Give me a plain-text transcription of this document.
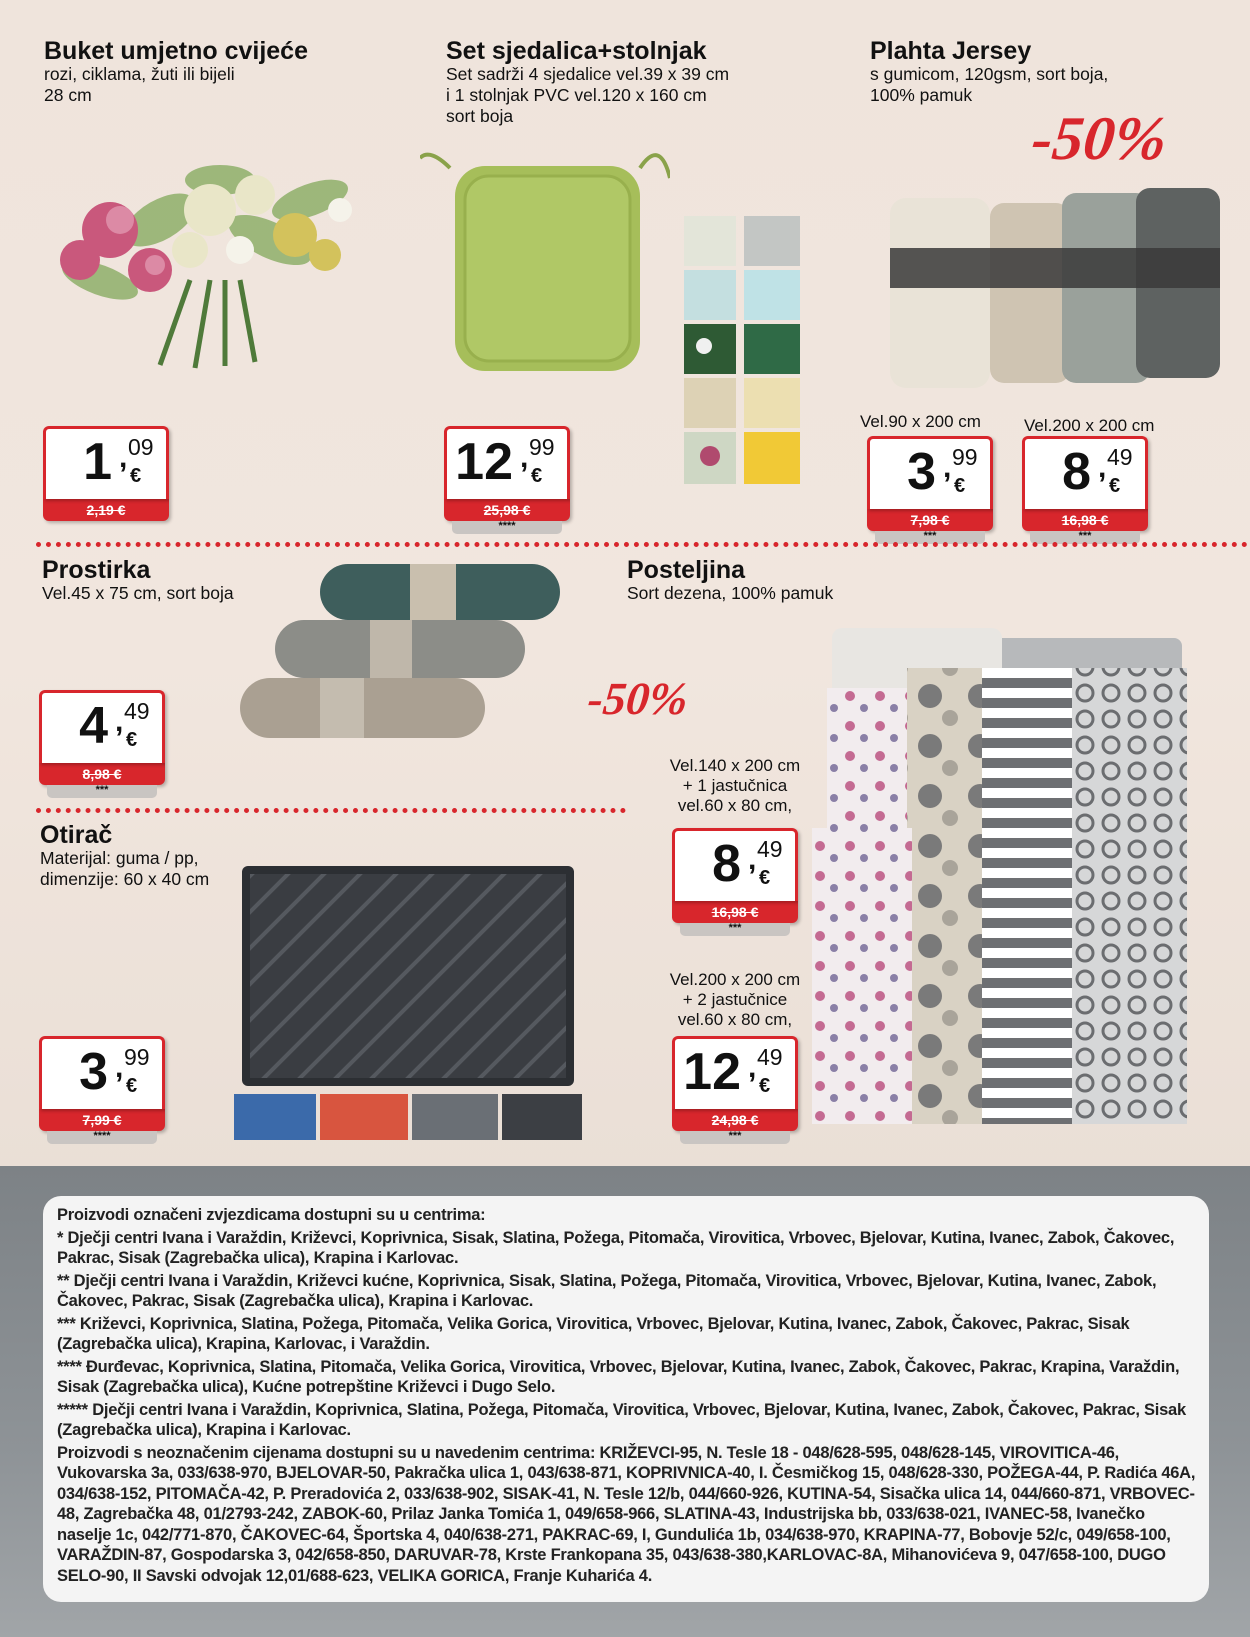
Buket umjetno cvijeće
rozi, ciklama, žuti ili bijeli
28 cm
Set sjedalica+stolnjak
Set sadrži 4 sjedalice vel.39 x 39 cm
i 1 stolnjak PVC vel.120 x 160 cm
sort boja
Plahta Jersey
s gumicom, 120gsm, sort boja,
100% pamuk
-50%
1 , 09
€
2,19 €
12 , 99
€
25,98 €
****
Vel.90 x 200 cm
3 , 99
€
7,98 €
***
Vel.200 x 200 cm
8 , 49
€
16,98 €
***
Prostirka
Vel.45 x 75 cm, sort boja
-50%
4 , 49
€
8,98 €
***
Posteljina
Sort dezena, 100% pamuk
Vel.140 x 200 cm
+ 1 jastučnica
vel.60 x 80 cm,
8 , 49
€
16,98 €
***
Vel.200 x 200 cm
+ 2 jastučnice
vel.60 x 80 cm,
12 , 49
€
24,98 €
***
Otirač
Materijal: guma / pp,
dimenzije: 60 x 40 cm
3 , 99
€
7,99 €
****

Proizvodi označeni zvjezdicama dostupni su u centrima:

* Dječji centri Ivana i Varaždin, Križevci, Koprivnica, Sisak, Slatina, Požega, Pitomača, Virovitica, Vrbovec, Bjelovar, Kutina, Ivanec, Zabok, Čakovec, Pakrac, Sisak (Zagrebačka ulica), Krapina i Karlovac.

** Dječji centri Ivana i Varaždin, Križevci kućne, Koprivnica, Sisak, Slatina, Požega, Pitomača, Virovitica, Vrbovec, Bjelovar, Kutina, Ivanec, Zabok, Čakovec, Pakrac, Sisak (Zagrebačka ulica), Krapina i Karlovac.

*** Križevci, Koprivnica, Slatina, Požega, Pitomača, Velika Gorica, Virovitica, Vrbovec, Bjelovar, Kutina, Ivanec, Zabok, Čakovec, Pakrac, Sisak (Zagrebačka ulica), Krapina, Karlovac, i Varaždin.

**** Đurđevac, Koprivnica, Slatina, Pitomača, Velika Gorica, Virovitica, Vrbovec, Bjelovar, Kutina, Ivanec, Zabok, Čakovec, Pakrac, Krapina, Varaždin, Sisak (Zagrebačka ulica), Kućne potrepštine Križevci i Dugo Selo.

***** Dječji centri Ivana i Varaždin, Koprivnica, Slatina, Požega, Pitomača, Virovitica, Vrbovec, Bjelovar, Kutina, Ivanec, Zabok, Čakovec, Pakrac, Sisak (Zagrebačka ulica), Krapina i Karlovac.

Proizvodi s neoznačenim cijenama dostupni su u navedenim centrima: KRIŽEVCI-95, N. Tesle 18 - 048/628-595, 048/628-145, VIROVITICA-46, Vukovarska 3a, 033/638-970, BJELOVAR-50, Pakračka ulica 1, 043/638-871, KOPRIVNICA-40, I. Česmičkog 15, 048/628-330, POŽEGA-44, P. Radića 46A, 034/638-152, PITOMAČA-42, P. Preradovića 2, 033/638-902, SISAK-41, N. Tesle 12/b, 044/660-926, KUTINA-54, Sisačka ulica 14, 044/660-871, VRBOVEC-48, Zagrebačka 48, 01/2793-242, ZABOK-60, Prilaz Janka Tomića 1, 049/658-966, SLATINA-43, Industrijska bb, 033/638-021, IVANEC-58, Ivanečko naselje 1c, 042/771-870, ČAKOVEC-64, Športska 4, 040/638-271, PAKRAC-69, I, Gundulića 1b, 034/638-970, KRAPINA-77, Bobovje 52/c, 049/658-100, VARAŽDIN-87, Gospodarska 3, 042/658-850, DARUVAR-78, Krste Frankopana 35, 043/638-380,KARLOVAC-8A, Mihanovićeva 9, 047/658-100, DUGO SELO-90, II Savski odvojak 12,01/688-623, VELIKA GORICA, Franje Kuharića 4.
